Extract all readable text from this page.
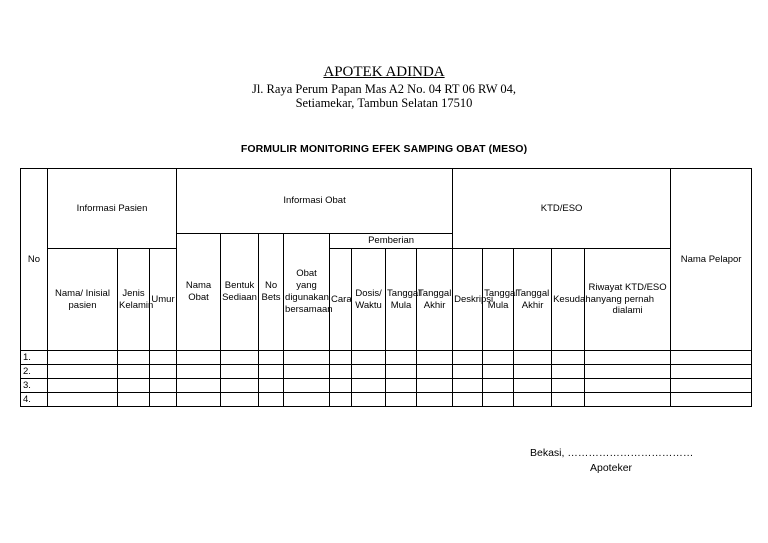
APOTEK ADINDA
Jl. Raya Perum Papan Mas A2 No. 04 RT 06 RW 04,
Setiamekar, Tambun Selatan 17510
FORMULIR MONITORING EFEK SAMPING OBAT (MESO)
No	Informasi Pasien			Informasi Obat								KTD/ESO					Nama Pelapor
				Nama Obat	Bentuk Sediaan	No Bets	Obat yang digunakan bersamaan	Pemberian									
	Nama/ Inisial pasien	Jenis Kelamin	Umur					Cara	Dosis/ Waktu	Tanggal Mula	Tanggal Akhir	Deskripsi	Tanggal Mula	Tanggal Akhir	Kesudahan	Riwayat KTD/ESO yang pernah dialami	
1.																	
2.																	
3.																	
4.																	
Bekasi, ………………………………
Apoteker
